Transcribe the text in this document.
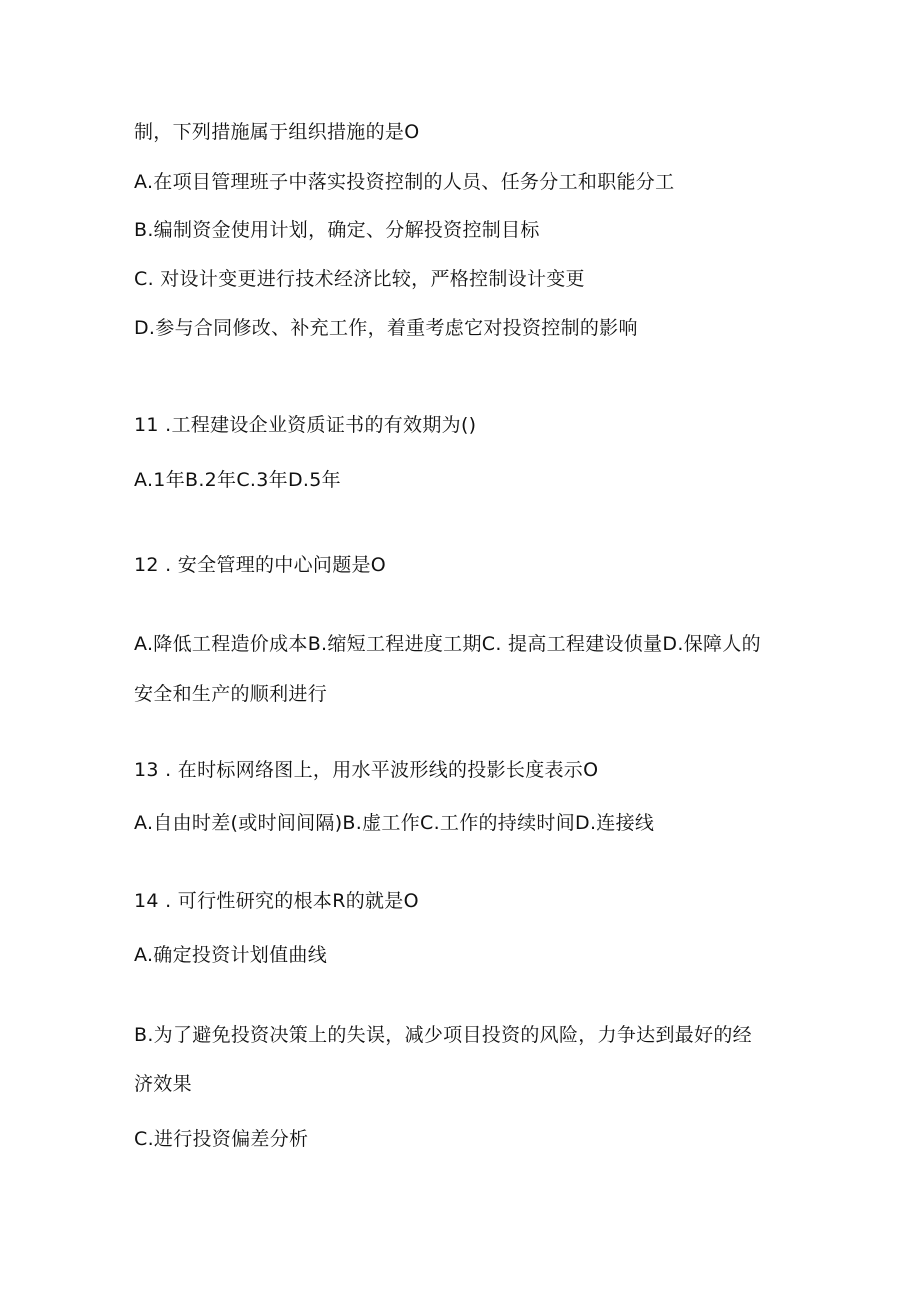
制，下列措施属于组织措施的是O

A.在项目管理班子中落实投资控制的人员、任务分工和职能分工

B.编制资金使用计划，确定、分解投资控制目标

C. 对设计变更进行技术经济比较，严格控制设计变更

D.参与合同修改、补充工作，着重考虑它对投资控制的影响

11 .工程建设企业资质证书的有效期为()

A.1年B.2年C.3年D.5年

12 . 安全管理的中心问题是O

A.降低工程造价成本B.缩短工程进度工期C. 提高工程建设侦量D.保障人的

安全和生产的顺利进行

13 . 在时标网络图上，用水平波形线的投影长度表示O

A.自由时差(或时间间隔)B.虚工作C.工作的持续时间D.连接线

14 . 可行性研究的根本R的就是O

A.确定投资计划值曲线

B.为了避免投资决策上的失误，减少项目投资的风险，力争达到最好的经

济效果

C.进行投资偏差分析
